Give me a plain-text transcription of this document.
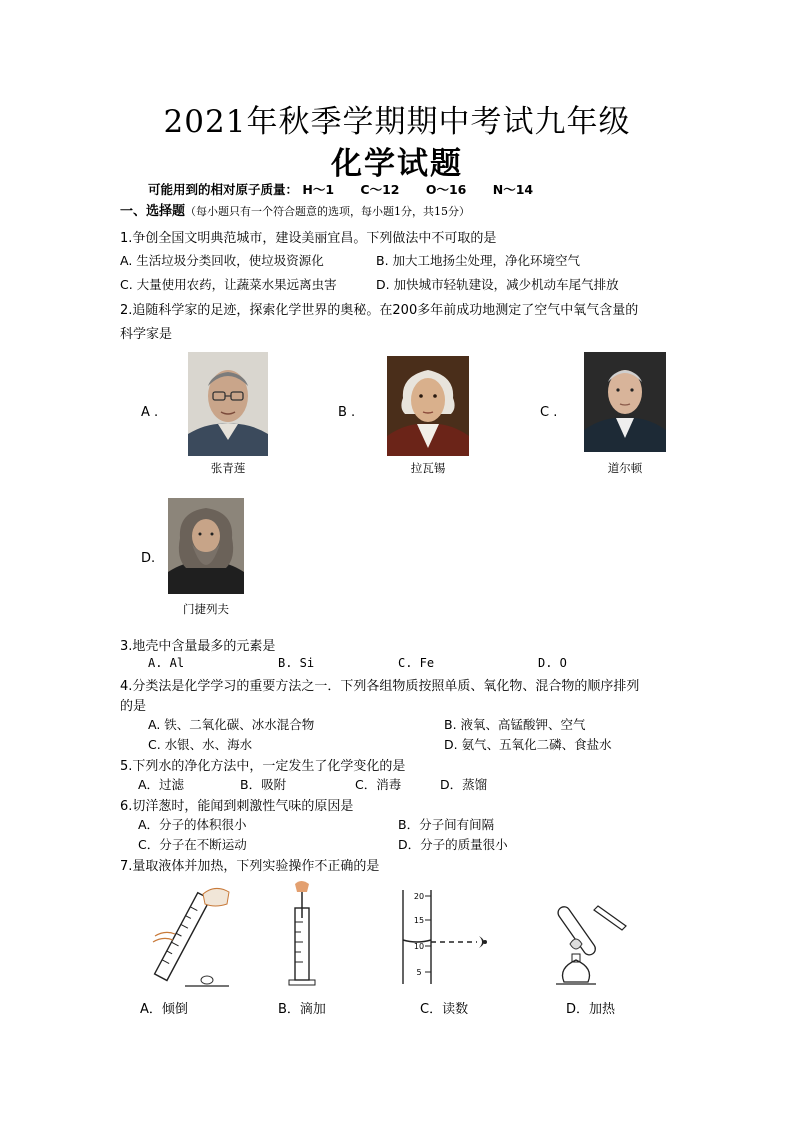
2021年秋季学期期中考试九年级
化学试题
可能用到的相对原子质量： H～1 C～12 O～16 N～14
一、选择题（每小题只有一个符合题意的选项，每小题1分，共15分）
1.争创全国文明典范城市，建设美丽宜昌。下列做法中不可取的是
A. 生活垃圾分类回收，使垃圾资源化	B. 加大工地扬尘处理，净化环境空气
C. 大量使用农药，让蔬菜水果远离虫害	D. 加快城市轻轨建设，减少机动车尾气排放
2.追随科学家的足迹，探索化学世界的奥秘。在200多年前成功地测定了空气中氧气含量的
科学家是
A .	B .	C .
D.
张青莲	拉瓦锡	道尔顿
门捷列夫
3.地壳中含量最多的元素是
A. Al	B. Si	C. Fe	D. O
4.分类法是化学学习的重要方法之一．下列各组物质按照单质、氧化物、混合物的顺序排列
的是
A. 铁、二氧化碳、冰水混合物	B. 液氧、高锰酸钾、空气
C. 水银、水、海水	D. 氨气、五氧化二磷、食盐水
5.下列水的净化方法中，一定发生了化学变化的是
A．过滤	B．吸附	C．消毒	D．蒸馏
6.切洋葱时，能闻到刺激性气味的原因是
A．分子的体积很小	B．分子间有间隔
C．分子在不断运动	D．分子的质量很小
7.量取液体并加热，下列实验操作不正确的是
A．倾倒	B．滴加
20
15
10
5
C．读数	D．加热
